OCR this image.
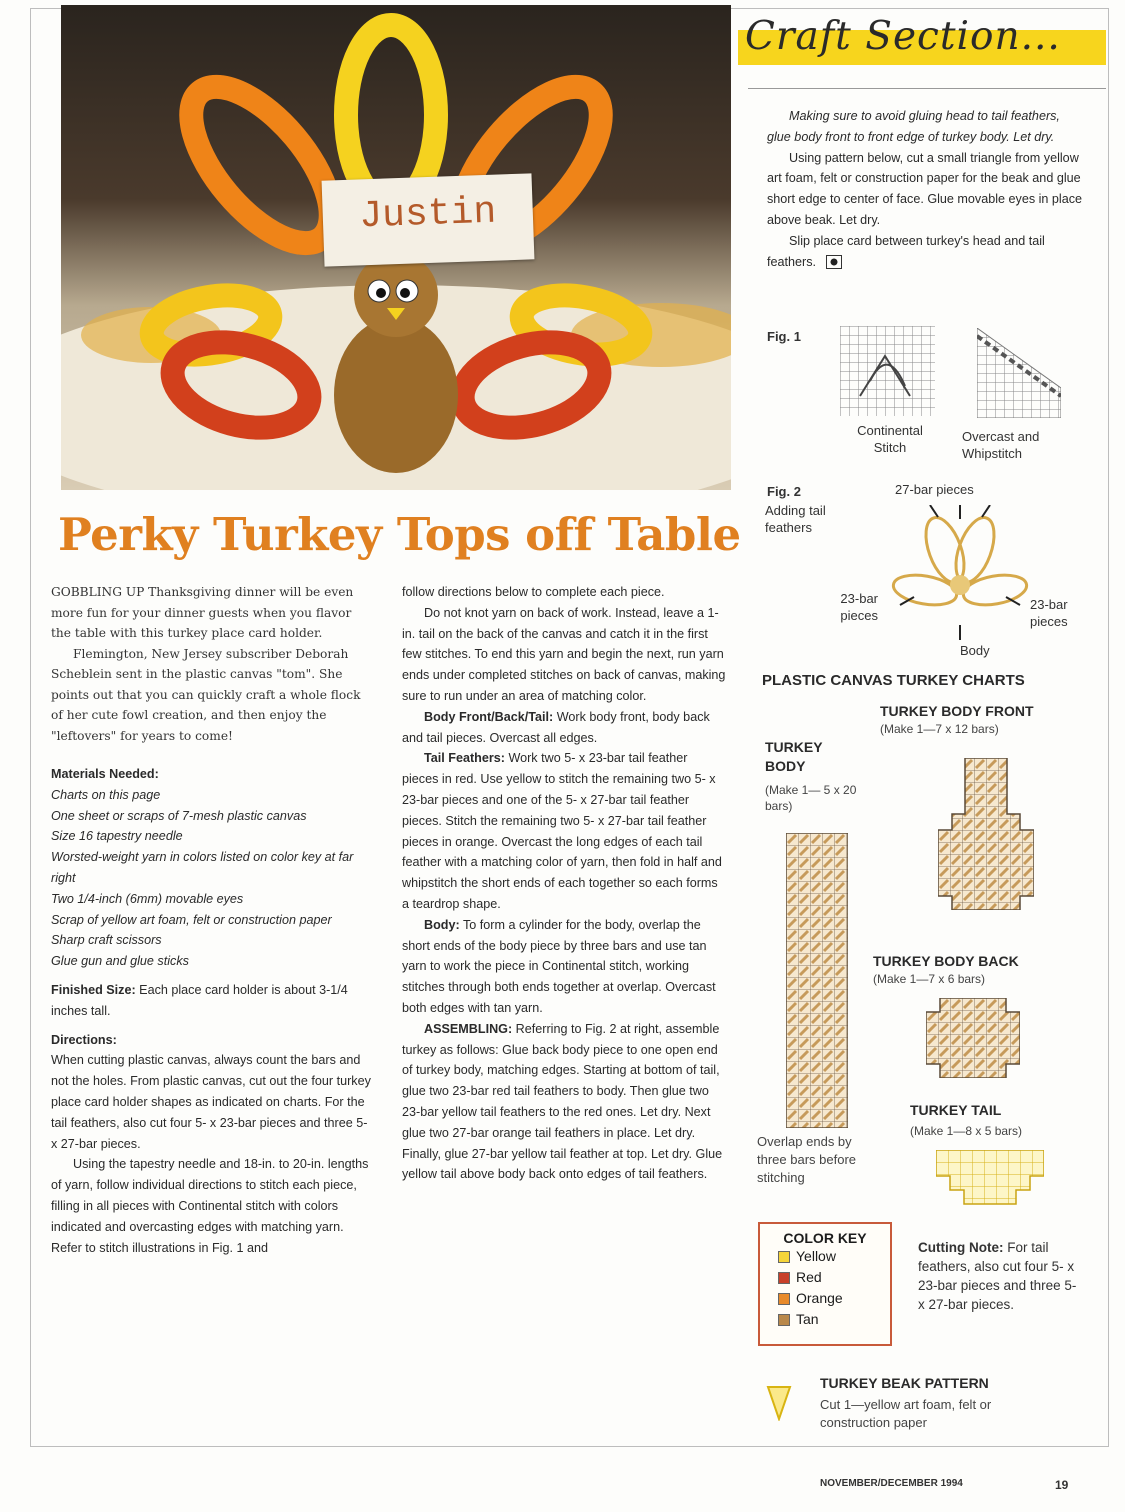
Justin
Perky Turkey Tops off Table

GOBBLING UP Thanksgiving dinner will be even more fun for your dinner guests when you flavor the table with this turkey place card holder.

Flemington, New Jersey subscriber Deborah Scheblein sent in the plastic canvas "tom". She points out that you can quickly craft a whole flock of her cute fowl creation, and then enjoy the "leftovers" for years to come!

Materials Needed:

Charts on this page
One sheet or scraps of 7-mesh plastic canvas
Size 16 tapestry needle
Worsted-weight yarn in colors listed on color key at far right
Two 1/4-inch (6mm) movable eyes
Scrap of yellow art foam, felt or construction paper
Sharp craft scissors
Glue gun and glue sticks

Finished Size: Each place card holder is about 3-1/4 inches tall.

Directions:

When cutting plastic canvas, always count the bars and not the holes. From plastic canvas, cut out the four turkey place card holder shapes as indicated on charts. For the tail feathers, also cut four 5- x 23-bar pieces and three 5- x 27-bar pieces.

Using the tapestry needle and 18-in. to 20-in. lengths of yarn, follow individual directions to stitch each piece, filling in all pieces with Continental stitch with colors indicated and overcasting edges with matching yarn. Refer to stitch illustrations in Fig. 1 and

follow directions below to complete each piece.

Do not knot yarn on back of work. Instead, leave a 1-in. tail on the back of the canvas and catch it in the first few stitches. To end this yarn and begin the next, run yarn ends under completed stitches on back of canvas, making sure to run under an area of matching color.

Body Front/Back/Tail: Work body front, body back and tail pieces. Overcast all edges.

Tail Feathers: Work two 5- x 23-bar tail feather pieces in red. Use yellow to stitch the remaining two 5- x 23-bar pieces and one of the 5- x 27-bar tail feather pieces. Stitch the remaining two 5- x 27-bar tail feather pieces in orange. Overcast the long edges of each tail feather with a matching color of yarn, then fold in half and whipstitch the short ends of each together so each forms a teardrop shape.

Body: To form a cylinder for the body, overlap the short ends of the body piece by three bars and use tan yarn to work the piece in Continental stitch, working stitches through both ends together at overlap. Overcast both edges with tan yarn.

ASSEMBLING: Referring to Fig. 2 at right, assemble turkey as follows: Glue back body piece to one open end of turkey body, matching edges. Starting at bottom of tail, glue two 23-bar red tail feathers to body. Then glue two 23-bar yellow tail feathers to the red ones. Let dry. Next glue two 27-bar orange tail feathers in place. Let dry. Finally, glue 27-bar yellow tail feather at top. Let dry. Glue yellow tail above body back onto edges of tail feathers.

Craft Section...

Making sure to avoid gluing head to tail feathers, glue body front to front edge of turkey body. Let dry.

Using pattern below, cut a small triangle from yellow art foam, felt or construction paper for the beak and glue short edge to center of face. Glue movable eyes in place above beak. Let dry.

Slip place card between turkey's head and tail feathers.

Fig. 1
Continental Stitch
Overcast and Whipstitch
Fig. 2
Adding tail feathers
27-bar pieces
23-bar pieces
23-bar pieces
Body
PLASTIC CANVAS TURKEY CHARTS
TURKEY BODY FRONT
(Make 1—7 x 12 bars)
TURKEY BODY
(Make 1— 5 x 20 bars)
Overlap ends by three bars before stitching
TURKEY BODY BACK
(Make 1—7 x 6 bars)
TURKEY TAIL
(Make 1—8 x 5 bars)
COLOR KEY
Yellow
Red
Orange
Tan
Cutting Note: For tail feathers, also cut four 5- x 23-bar pieces and three 5- x 27-bar pieces.
TURKEY BEAK PATTERN
Cut 1—yellow art foam, felt or construction paper
NOVEMBER/DECEMBER 1994	19
